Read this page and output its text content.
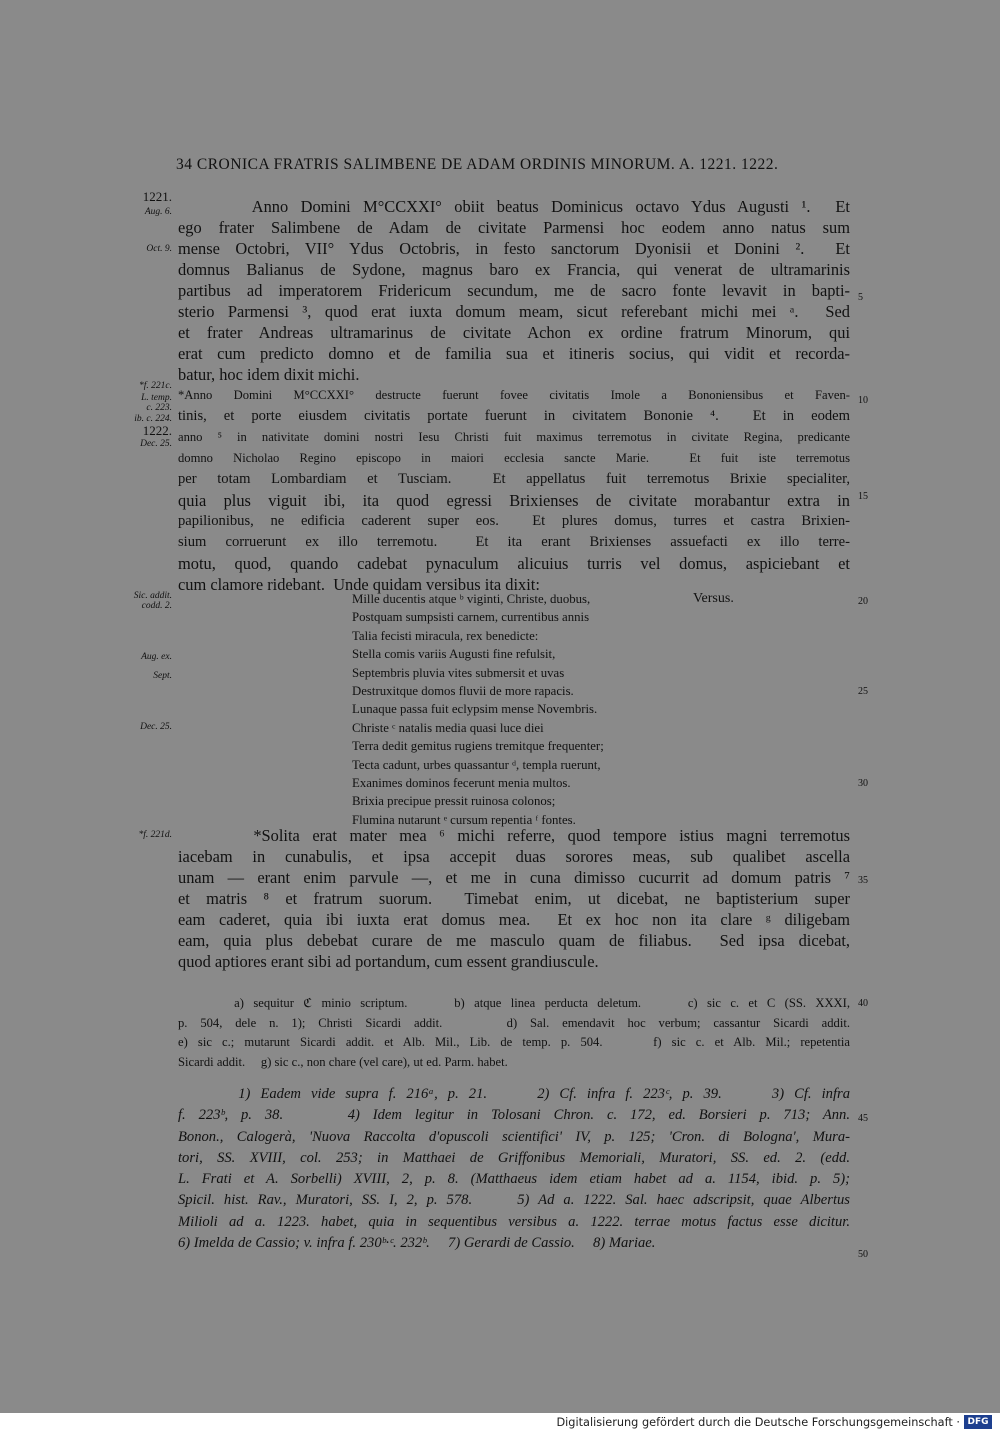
34 CRONICA FRATRIS SALIMBENE DE ADAM ORDINIS MINORUM. A. 1221. 1222.
1221.
Aug. 6.
Oct. 9.
*f. 221c.
L. temp.
c. 223.
ib. c. 224.
1222.
Dec. 25.
Sic. addit.
codd. 2.
Aug. ex.
Sept.
Dec. 25.
*f. 221d.
5
10
15
20
25
30
35
40
45
50
Anno Domini M°CCXXI° obiit beatus Dominicus octavo Ydus Augusti ¹.  Et
ego frater Salimbene de Adam de civitate Parmensi hoc eodem anno natus sum
mense Octobri, VII° Ydus Octobris, in festo sanctorum Dyonisii et Donini ².  Et
domnus Balianus de Sydone, magnus baro ex Francia, qui venerat de ultramarinis
partibus ad imperatorem Fridericum secundum, me de sacro fonte levavit in bapti-
sterio Parmensi ³, quod erat iuxta domum meam, sicut referebant michi mei ᵃ.  Sed
et frater Andreas ultramarinus de civitate Achon ex ordine fratrum Minorum, qui
erat cum predicto domno et de familia sua et itineris socius, qui vidit et recorda-
batur, hoc idem dixit michi.
*Anno Domini M°CCXXI° destructe fuerunt fovee civitatis Imole a Bononiensibus et Faven-
tinis, et porte eiusdem civitatis portate fuerunt in civitatem Bononie ⁴.  Et in eodem
anno ⁵ in nativitate domini nostri Iesu Christi fuit maximus terremotus in civitate Regina, predicante
domno Nicholao Regino episcopo in maiori ecclesia sancte Marie.  Et fuit iste terremotus
per totam Lombardiam et Tusciam.  Et appellatus fuit terremotus Brixie specialiter,
quia plus viguit ibi, ita quod egressi Brixienses de civitate morabantur extra in
papilionibus, ne edificia caderent super eos.  Et plures domus, turres et castra Brixien-
sium corruerunt ex illo terremotu.  Et ita erant Brixienses assuefacti ex illo terre-
motu, quod, quando cadebat pynaculum alicuius turris vel domus, aspiciebant et
cum clamore ridebant.  Unde quidam versibus ita dixit:
Versus.
Mille ducentis atque ᵇ viginti, Christe, duobus,
Postquam sumpsisti carnem, currentibus annis
Talia fecisti miracula, rex benedicte:
Stella comis variis Augusti fine refulsit,
Septembris pluvia vites submersit et uvas
Destruxitque domos fluvii de more rapacis.
Lunaque passa fuit eclypsim mense Novembris.
Christe ᶜ natalis media quasi luce diei
Terra dedit gemitus rugiens tremitque frequenter;
Tecta cadunt, urbes quassantur ᵈ, templa ruerunt,
Exanimes dominos fecerunt menia multos.
Brixia precipue pressit ruinosa colonos;
Flumina nutarunt ᵉ cursum repentia ᶠ fontes.
*Solita erat mater mea ⁶ michi referre, quod tempore istius magni terremotus
iacebam in cunabulis, et ipsa accepit duas sorores meas, sub qualibet ascella
unam — erant enim parvule —, et me in cuna dimisso cucurrit ad domum patris ⁷
et matris ⁸ et fratrum suorum.  Timebat enim, ut dicebat, ne baptisterium super
eam caderet, quia ibi iuxta erat domus mea.  Et ex hoc non ita clare ᵍ diligebam
eam, quia plus debebat curare de me masculo quam de filiabus.  Sed ipsa dicebat,
quod aptiores erant sibi ad portandum, cum essent grandiuscule.
a) sequitur ℭ minio scriptum.     b) atque linea perducta deletum.     c) sic c. et C (SS. XXXI,
p. 504, dele n. 1); Christi Sicardi addit.     d) Sal. emendavit hoc verbum; cassantur Sicardi addit.
e) sic c.; mutarunt Sicardi addit. et Alb. Mil., Lib. de temp. p. 504.     f) sic c. et Alb. Mil.; repetentia
Sicardi addit.     g) sic c., non chare (vel care), ut ed. Parm. habet.
1) Eadem vide supra f. 216ᵃ, p. 21.     2) Cf. infra f. 223ᶜ, p. 39.     3) Cf. infra
f. 223ᵇ, p. 38.     4) Idem legitur in Tolosani Chron. c. 172, ed. Borsieri p. 713; Ann.
Bonon., Calogerà, 'Nuova Raccolta d'opuscoli scientifici' IV, p. 125; 'Cron. di Bologna', Mura-
tori, SS. XVIII, col. 253; in Matthaei de Griffonibus Memoriali, Muratori, SS. ed. 2. (edd.
L. Frati et A. Sorbelli) XVIII, 2, p. 8. (Matthaeus idem etiam habet ad a. 1154, ibid. p. 5);
Spicil. hist. Rav., Muratori, SS. I, 2, p. 578.     5) Ad a. 1222. Sal. haec adscripsit, quae Albertus
Milioli ad a. 1223. habet, quia in sequentibus versibus a. 1222. terrae motus factus esse dicitur.
6) Imelda de Cassio; v. infra f. 230ᵇ·ᶜ. 232ᵇ.     7) Gerardi de Cassio.     8) Mariae.
Digitalisierung gefördert durch die Deutsche Forschungsgemeinschaft · DFG
